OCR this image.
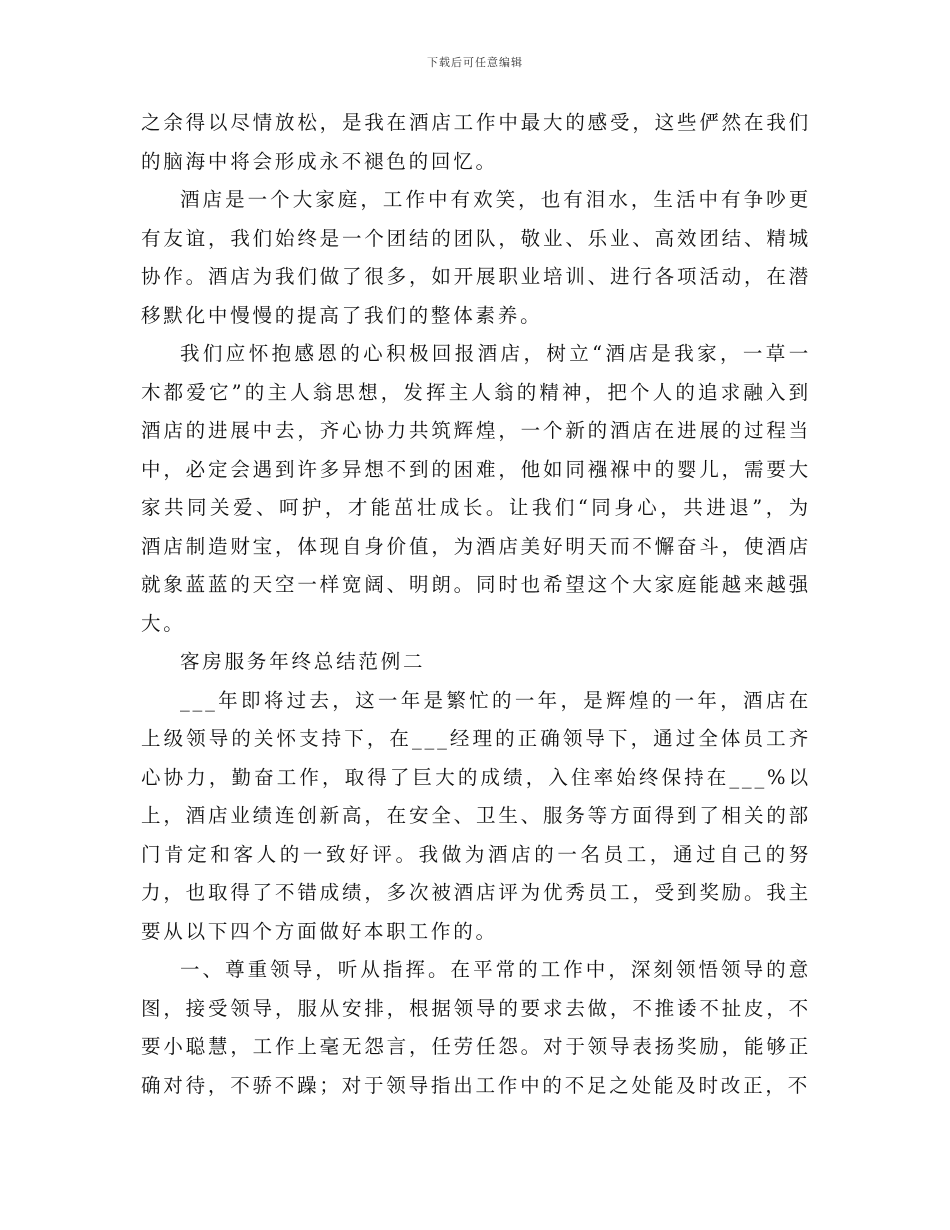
下载后可任意编辑

之余得以尽情放松，是我在酒店工作中最大的感受，这些俨然在我们的脑海中将会形成永不褪色的回忆。

酒店是一个大家庭，工作中有欢笑，也有泪水，生活中有争吵更有友谊，我们始终是一个团结的团队，敬业、乐业、高效团结、精城协作。酒店为我们做了很多，如开展职业培训、进行各项活动，在潜移默化中慢慢的提高了我们的整体素养。

我们应怀抱感恩的心积极回报酒店，树立“酒店是我家，一草一木都爱它”的主人翁思想，发挥主人翁的精神，把个人的追求融入到酒店的进展中去，齐心协力共筑辉煌，一个新的酒店在进展的过程当中，必定会遇到许多异想不到的困难，他如同襁褓中的婴儿，需要大家共同关爱、呵护，才能茁壮成长。让我们“同身心，共进退”，为酒店制造财宝，体现自身价值，为酒店美好明天而不懈奋斗，使酒店就象蓝蓝的天空一样宽阔、明朗。同时也希望这个大家庭能越来越强大。

客房服务年终总结范例二

___年即将过去，这一年是繁忙的一年，是辉煌的一年，酒店在上级领导的关怀支持下，在___经理的正确领导下，通过全体员工齐心协力，勤奋工作，取得了巨大的成绩，入住率始终保持在___%以上，酒店业绩连创新高，在安全、卫生、服务等方面得到了相关的部门肯定和客人的一致好评。我做为酒店的一名员工，通过自己的努力，也取得了不错成绩，多次被酒店评为优秀员工，受到奖励。我主要从以下四个方面做好本职工作的。

一、尊重领导，听从指挥。在平常的工作中，深刻领悟领导的意图，接受领导，服从安排，根据领导的要求去做，不推诿不扯皮，不要小聪慧，工作上毫无怨言，任劳任怨。对于领导表扬奖励，能够正确对待，不骄不躁；对于领导指出工作中的不足之处能及时改正，不
